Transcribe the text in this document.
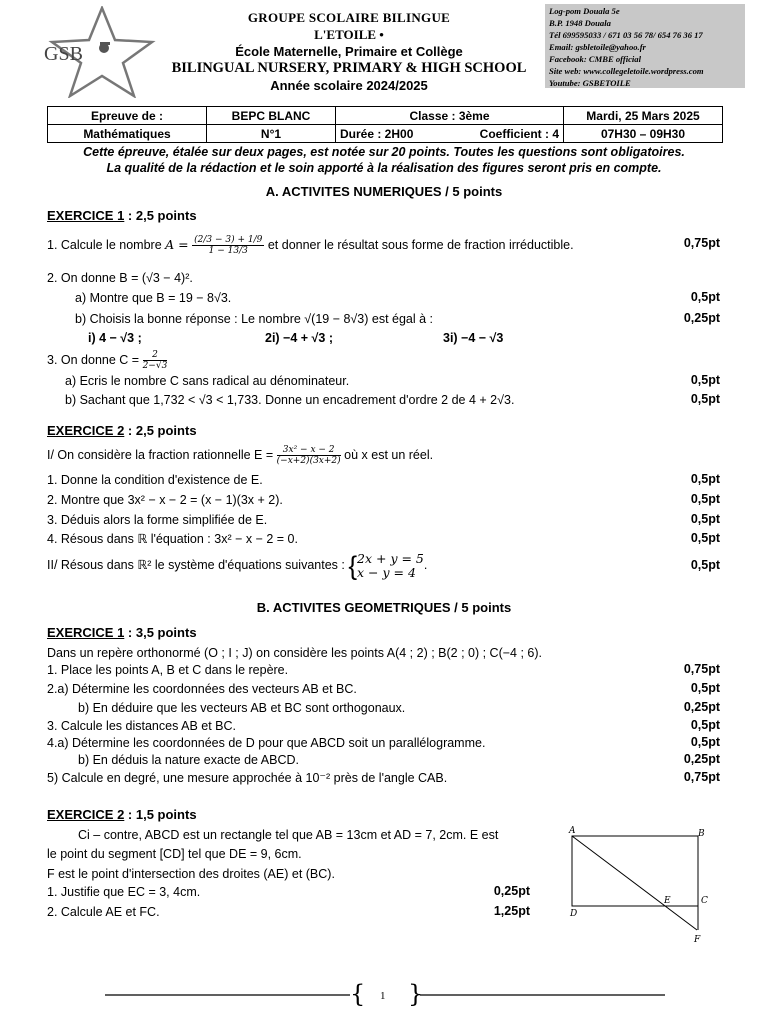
GSB
GROUPE SCOLAIRE BILINGUE
L'ETOILE •
École Maternelle, Primaire et Collège
BILINGUAL NURSERY, PRIMARY & HIGH SCHOOL
Année scolaire 2024/2025
Log-pom Douala 5e
B.P. 1948 Douala
Tél 699595033 / 671 03 56 78/ 654 76 36 17
Email: gsbletoile@yahoo.fr
Facebook: CMBE official
Site web: www.collegeletoile.wordpress.com
Youtube: GSBETOILE
Epreuve de :	BEPC BLANC	Classe : 3ème		Mardi, 25 Mars 2025
Mathématiques	N°1	Durée : 2H00	Coefficient : 4	07H30 – 09H30
Cette épreuve, étalée sur deux pages, est notée sur 20 points. Toutes les questions sont obligatoires.
La qualité de la rédaction et le soin apporté à la réalisation des figures seront pris en compte.
A. ACTIVITES NUMERIQUES / 5 points
EXERCICE 1 : 2,5 points
1. Calcule le nombre $A = \frac{(2/3 - 3) + 1/9}{1 - 13/3}$ et donner le résultat sous forme de fraction irréductible.	0,75pt
2. On donne B = (√3 − 4)².
a) Montre que B = 19 − 8√3.	0,5pt
b) Choisis la bonne réponse : Le nombre √(19 − 8√3) est égal à :	0,25pt
i) 4 − √3 ;	2i) −4 + √3 ;	3i) −4 − √3
3. On donne $C = \frac{2}{2-√3}$
a) Ecris le nombre C sans radical au dénominateur.	0,5pt
b) Sachant que 1,732 < √3 < 1,733. Donne un encadrement d'ordre 2 de 4 + 2√3.	0,5pt
EXERCICE 2 : 2,5 points
I/ On considère la fraction rationnelle $E = \frac{\text{3x² − x − 2}}{(-x+2)(3x+2)}$ où x est un réel.
1. Donne la condition d'existence de E.	0,5pt
2. Montre que 3x² − x − 2 = (x − 1)(3x + 2).	0,5pt
3. Déduis alors la forme simplifiée de E.	0,5pt
4. Résous dans ℝ l'équation : 3x² − x − 2 = 0.	0,5pt
II/ Résous dans ℝ² le système d'équations suivantes : { 2x + y = 5
x − y = 4 .	0,5pt
B. ACTIVITES GEOMETRIQUES / 5 points
EXERCICE 1 : 3,5 points
Dans un repère orthonormé (O ; I ; J) on considère les points A(4 ; 2) ; B(2 ; 0) ; C(−4 ; 6).
1. Place les points A, B et C dans le repère.	0,75pt
2.a) Détermine les coordonnées des vecteurs AB et BC.	0,5pt
b) En déduire que les vecteurs AB et BC sont orthogonaux.	0,25pt
3. Calcule les distances AB et BC.	0,5pt
4.a) Détermine les coordonnées de D pour que ABCD soit un parallélogramme.	0,5pt
b) En déduis la nature exacte de ABCD.	0,25pt
5) Calcule en degré, une mesure approchée à 10⁻² près de l'angle CAB.	0,75pt
EXERCICE 2 : 1,5 points
Ci – contre, ABCD est un rectangle tel que AB = 13cm et AD = 7, 2cm. E est
le point du segment [CD] tel que DE = 9, 6cm.
F est le point d'intersection des droites (AE) et (BC).
1. Justifie que EC = 3, 4cm.	0,25pt
2. Calcule AE et FC.	1,25pt
A	B
C
D
E
F
{ }
1
